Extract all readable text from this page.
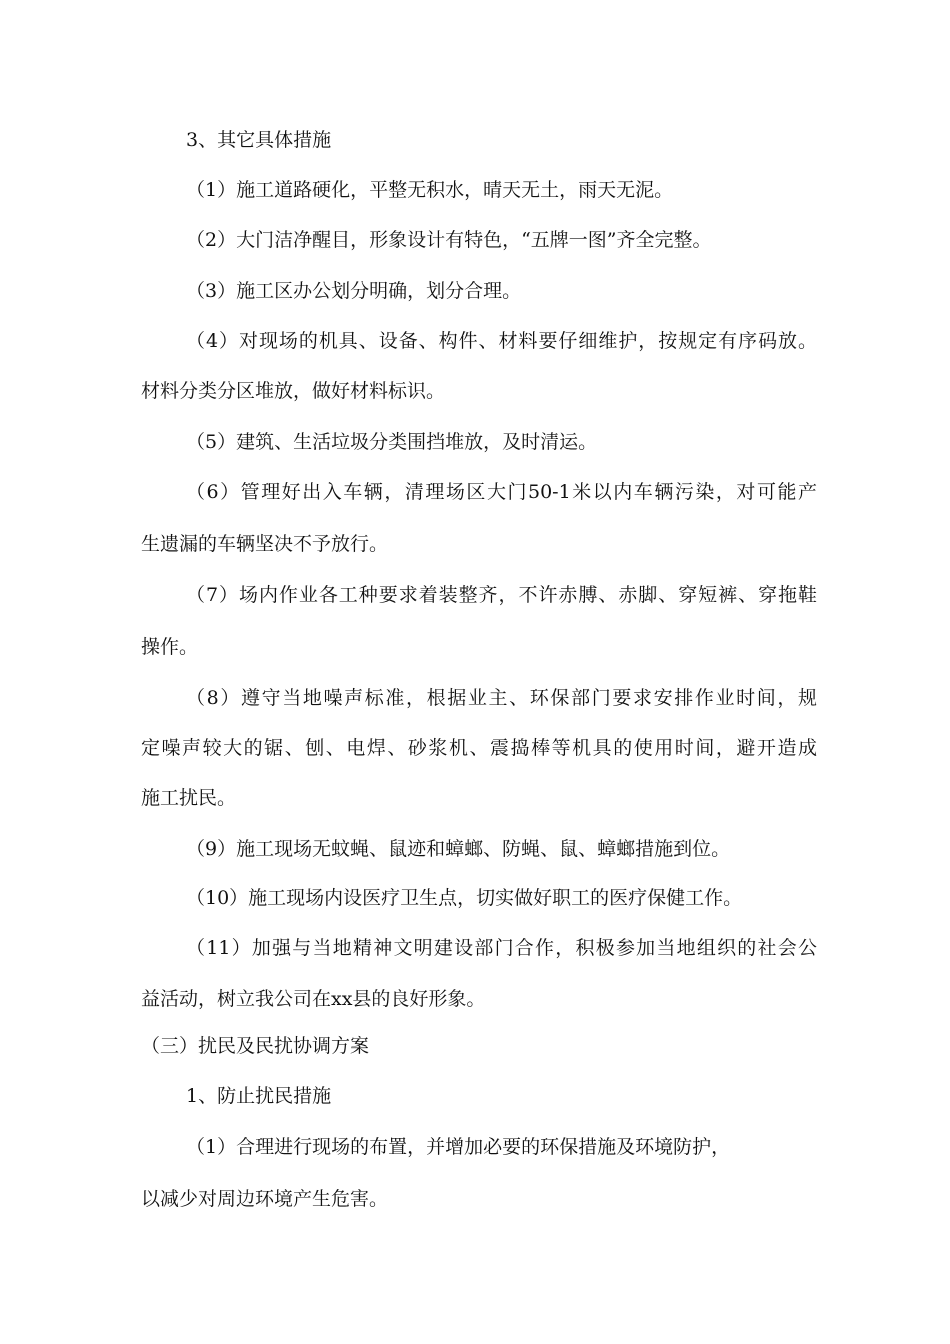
3、其它具体措施
（1）施工道路硬化，平整无积水，晴天无土，雨天无泥。
（2）大门洁净醒目，形象设计有特色，“五牌一图”齐全完整。
（3）施工区办公划分明确，划分合理。
（4）对现场的机具、设备、构件、材料要仔细维护，按规定有序码放。
材料分类分区堆放，做好材料标识。
（5）建筑、生活垃圾分类围挡堆放，及时清运。
（6）管理好出入车辆，清理场区大门50-1米以内车辆污染，对可能产
生遗漏的车辆坚决不予放行。
（7）场内作业各工种要求着装整齐，不许赤膊、赤脚、穿短裤、穿拖鞋
操作。
（8）遵守当地噪声标准，根据业主、环保部门要求安排作业时间，规
定噪声较大的锯、刨、电焊、砂浆机、震捣棒等机具的使用时间，避开造成
施工扰民。
（9）施工现场无蚊蝇、鼠迹和蟑螂、防蝇、鼠、蟑螂措施到位。
（10）施工现场内设医疗卫生点，切实做好职工的医疗保健工作。
（11）加强与当地精神文明建设部门合作，积极参加当地组织的社会公
益活动，树立我公司在xx县的良好形象。
（三）扰民及民扰协调方案
1、防止扰民措施
（1）合理进行现场的布置，并增加必要的环保措施及环境防护，
以减少对周边环境产生危害。
